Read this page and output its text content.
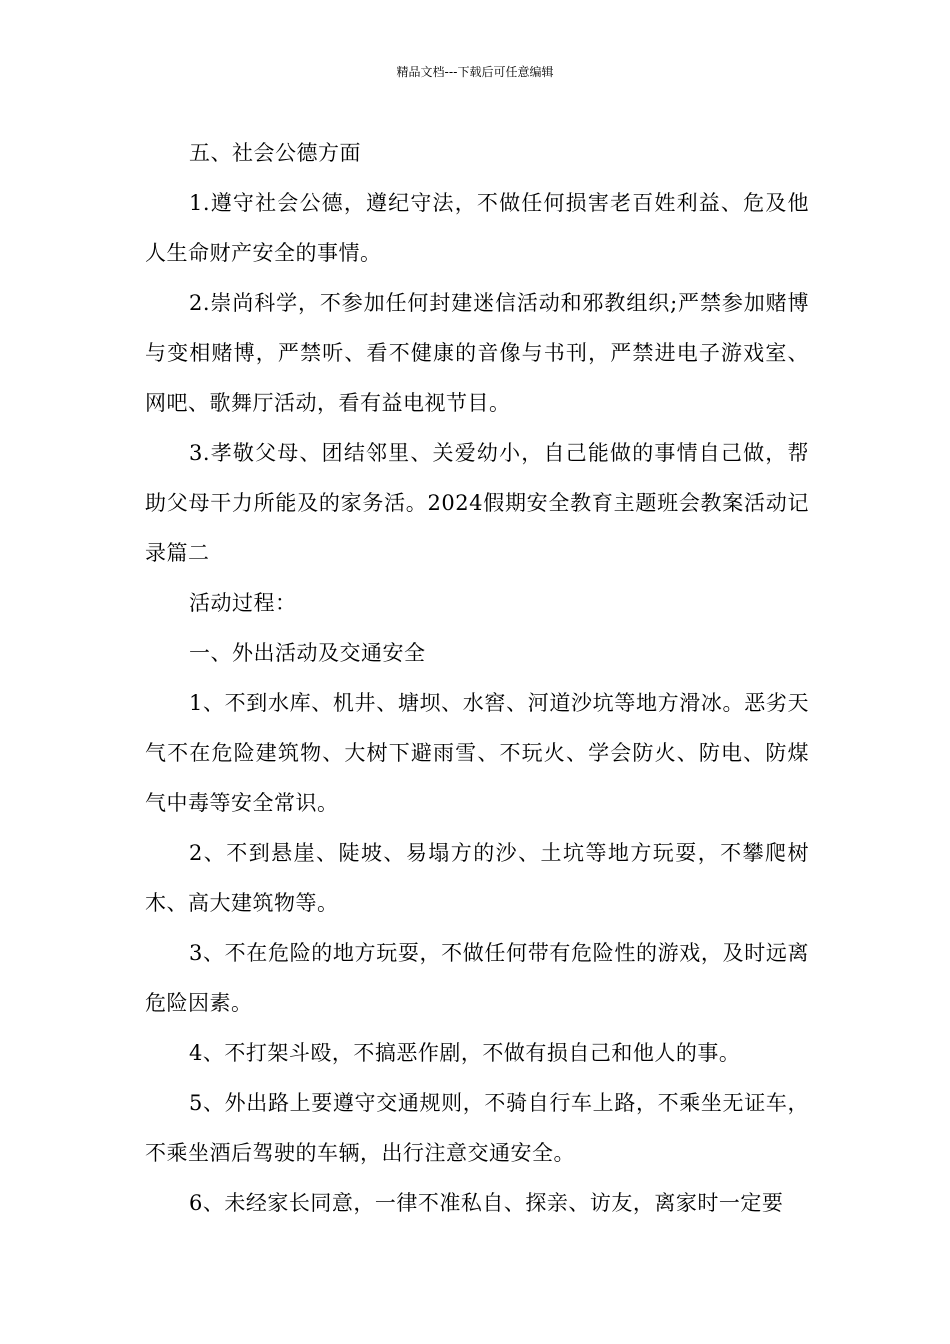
精品文档---下载后可任意编辑

五、社会公德方面

1.遵守社会公德，遵纪守法，不做任何损害老百姓利益、危及他人生命财产安全的事情。

2.崇尚科学，不参加任何封建迷信活动和邪教组织;严禁参加赌博与变相赌博，严禁听、看不健康的音像与书刊，严禁进电子游戏室、网吧、歌舞厅活动，看有益电视节目。

3.孝敬父母、团结邻里、关爱幼小，自己能做的事情自己做，帮助父母干力所能及的家务活。2024假期安全教育主题班会教案活动记录篇二

活动过程：

一、外出活动及交通安全

1、不到水库、机井、塘坝、水窖、河道沙坑等地方滑冰。恶劣天气不在危险建筑物、大树下避雨雪、不玩火、学会防火、防电、防煤气中毒等安全常识。

2、不到悬崖、陡坡、易塌方的沙、土坑等地方玩耍，不攀爬树木、高大建筑物等。

3、不在危险的地方玩耍，不做任何带有危险性的游戏，及时远离危险因素。

4、不打架斗殴，不搞恶作剧，不做有损自己和他人的事。

5、外出路上要遵守交通规则，不骑自行车上路，不乘坐无证车，不乘坐酒后驾驶的车辆，出行注意交通安全。

6、未经家长同意，一律不准私自、探亲、访友，离家时一定要
